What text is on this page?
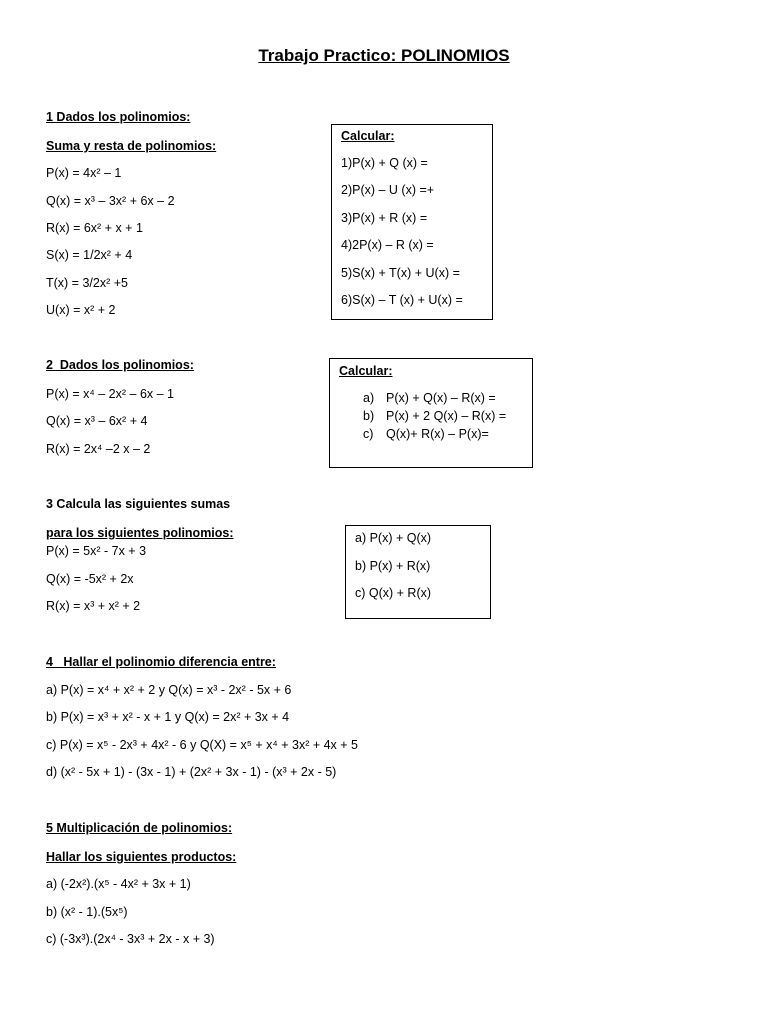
Trabajo Practico: POLINOMIOS
1 Dados los polinomios:
Suma y resta de polinomios:
P(x) = 4x² – 1
Q(x) = x³ – 3x² + 6x – 2
R(x) = 6x² + x + 1
S(x) = 1/2x² + 4
T(x) = 3/2x² +5
U(x) = x² + 2
Calcular:
1)P(x) + Q (x) =
2)P(x) – U (x) =+
3)P(x) + R (x) =
4)2P(x) – R (x) =
5)S(x) + T(x) + U(x) =
6)S(x) – T (x) + U(x) =
2_Dados los polinomios:
P(x) = x⁴ – 2x² – 6x – 1
Q(x) = x³ – 6x² + 4
R(x) = 2x⁴ –2 x – 2
Calcular:
a) P(x) + Q(x) – R(x) =
b) P(x) + 2 Q(x) – R(x) =
c) Q(x)+ R(x) – P(x)=
3 Calcula las siguientes sumas
para los siguientes polinomios:
P(x) = 5x² - 7x + 3
Q(x) = -5x² + 2x
R(x) = x³ + x² + 2
a) P(x) + Q(x)
b) P(x) + R(x)
c) Q(x) + R(x)
4_ Hallar el polinomio diferencia entre:
a) P(x) = x⁴ + x² + 2 y Q(x) = x³ - 2x² - 5x + 6
b) P(x) = x³ + x² - x + 1 y Q(x) = 2x² + 3x + 4
c) P(x) = x⁵ - 2x³ + 4x² - 6 y Q(X) = x⁵ + x⁴ + 3x² + 4x + 5
d) (x² - 5x + 1) - (3x - 1) + (2x² + 3x - 1) - (x³ + 2x - 5)
5 Multiplicación de polinomios:
Hallar los siguientes productos:
a) (-2x²).(x⁵ - 4x² + 3x + 1)
b) (x² - 1).(5x⁵)
c) (-3x³).(2x⁴ - 3x³ + 2x - x + 3)
